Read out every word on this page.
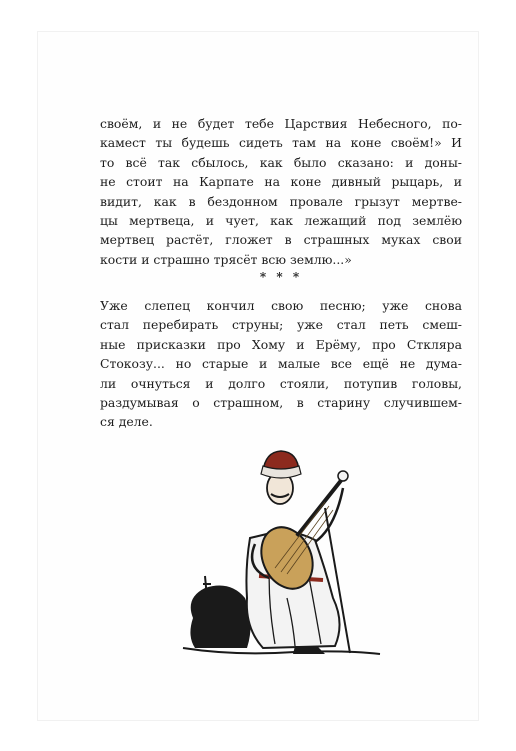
своём, и не будет тебе Царствия Небесного, по-
камест ты будешь сидеть там на коне своём!» И
то всё так сбылось, как было сказано: и доны-
не стоит на Карпате на коне дивный рыцарь, и
видит, как в бездонном провале грызут мертве-
цы мертвеца, и чует, как лежащий под землёю
мертвец растёт, гложет в страшных муках свои
кости и страшно трясёт всю землю...»
* * *
Уже слепец кончил свою песню; уже снова
стал перебирать струны; уже стал петь смеш-
ные присказки про Хому и Ерёму, про Стклярa
Стокозу... но старые и малые все ещё не дума-
ли очнуться и долго стояли, потупив головы,
раздумывая о страшном, в старину случившем-
ся деле.
